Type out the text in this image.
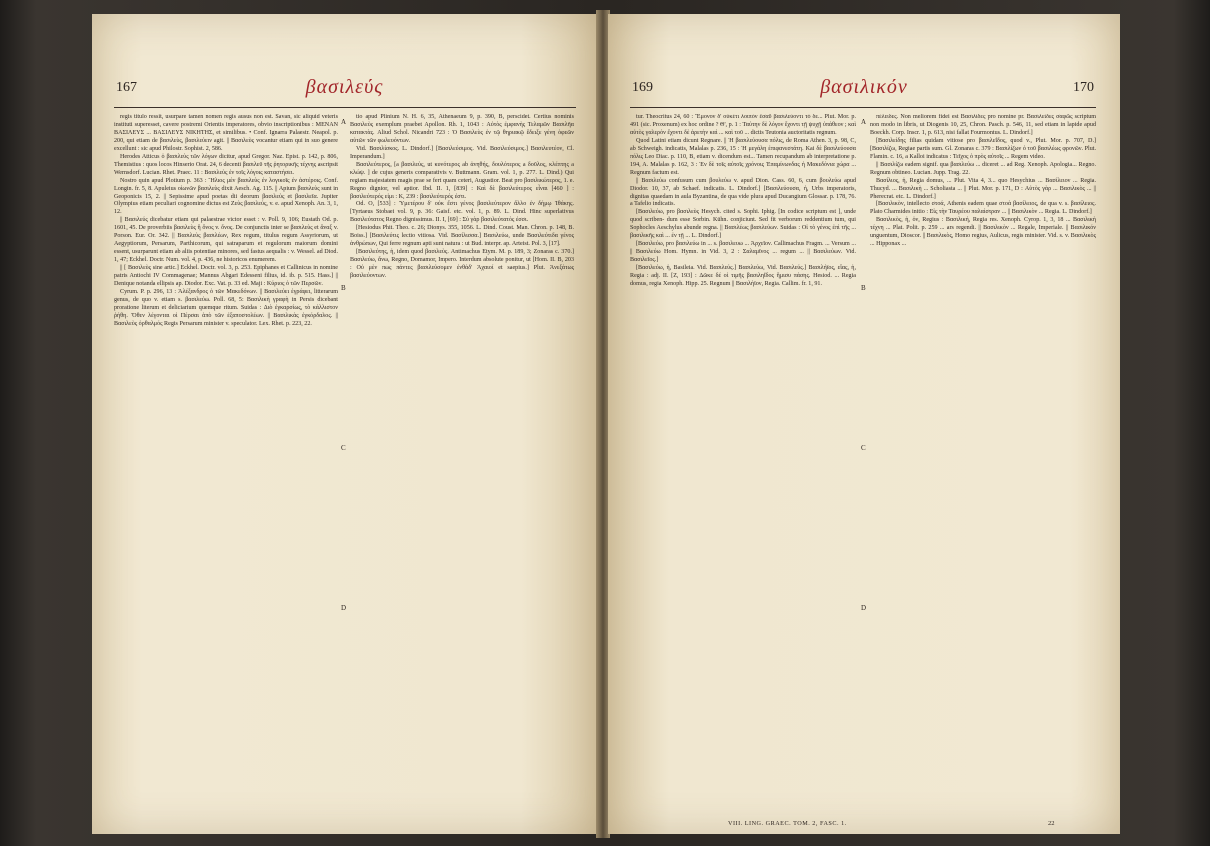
167	βασιλεύς

regis titulo ressit, usurpare tamen nomen regis ausus non est. Savan, sic aliquid veteris instituti superesset, cavere postremi Orientis imperatores, obvio inscriptionibus : ΜΕΝΑΝ ΒΑΣΙΛΕΥΣ ... ΒΑΣΙΛΕΥΣ ΝΙΚΗΤΗΣ, et similibus. • Conf. Ignarra Palaestr. Neapol. p. 200, qui etiam de βασιλεὺς, βασιλεύειν agit. || Βασιλεὺς vocantur etiam qui in suo genere excellunt : sic apud Philostr. Sophist. 2, 586.

Herodes Atticus ὁ βασιλεὺς τῶν λόγων dicitur, apud Gregor. Naz. Epist. p. 142, p. 806, Themistius : quos locos Hinserio Orat. 24, 6 decenti βασιλεῦ τῆς ῥητορικῆς τέχνης ascripsit Wernsdorf. Lucian. Rhet. Praec. 11 : Βασιλεὺς ἐν τοῖς λόγοις καταστήσει.

Nostro quin apud Plotium p. 363 : Ἥλιος μὲν βασιλεὺς ἐν λογικοῖς ἐν ἀστέροις. Conf. Longin. fr. 5, 8. Apuleius οἰωνῶν βασιλεὺς dixit Aesch. Ag. 115. || Apium βασιλεὺς sunt in Geoponicis 15, 2. || Sepissime apud poetas dii deorum βασιλεὺς et βασιλεῖα. Jupiter Olympius etiam peculiari cognomine dictus est Ζεὺς βασιλεύς, v. e. apud Xenoph. An. 3, 1, 12.

|| Βασιλεύς dicebatur etiam qui palaestrae victor esset : v. Poll. 9, 106; Eustath Od. p. 1601, 45. De proverbiis βασιλεὺς ἢ ὄνος v. ὄνος. De conjunctis inter se βασιλεὺς et ἄναξ v. Porson. Eur. Or. 342. || Βασιλεὺς βασιλέων, Rex regum, titulus regum Assyriorum, ut Aegyptiorum, Persarum, Parthicorum, qui satraparum et regulorum maiorum domini essent, usurparunt etiam ab aliis potentiae minores, sed fastus aequalis : v. Wessel. ad Diod. 1, 47; Eckhel. Doctr. Num. vol. 4, p. 436, ne historicos enumerem.

|| [ Βασιλεὺς sine artic.] Eckhel. Doctr. vol. 3, p. 253. Epiphanes et Callinicus in nomine patris Antiochi IV Commagenae; Mannus Abgari Edesseni filius, id. ib. p. 515. Hass.] || Denique notanda ellipsis ap. Diodor. Exc. Vat. p. 33 ed. Maji : Κύριος ὁ τῶν Περσῶν.

Cyrum. P. p. 296, 13 : Ἀλέξανδρος ὁ τῶν Μακεδόνων. || Βασιλεύει ἐγράφει, litterarum genus, de quo v. etiam s. βασιλεύω. Poll. 68, 5: Βασιλικὴ γραφὴ in Persis dicebant proratione literum et deliciarium quemque ritum. Suidas : Διὸ ἐγκαρσίως, τὸ κάλλιστον ῥήθη. Ὅθεν λέγονται οἱ Πέρσαι ἀπὸ τῶν ἐξαποστολέων. || Βασιλικὰς ἐγκόρδαλος. || Βασιλεὺς ὀρθαλμός Regis Persarum minister v. speculator. Lex. Rhet. p. 223, 22.

tio apud Plinium N. H. 6, 35, Athenaeum 9, p. 390, B, perscidet. Certius nominis Βασιλεὺς exemplum praebet Apollon. Rh. 1, 1043 : Αὐτὸς ἐμφανὴς Τελαμῶν Βασιλῆα κατακτὰς. Aliud Schol. Nicandri 723 : Ὁ Βασιλεὺς ἐν τῷ θηριακῷ ἔδειξε γένη ὀφεῶν αὐτῶν τῶν φωλευόντων.

Vid. Βασιλίσκος. L. Dindorf.] [Βασιλεύσιμος. Vid. Βασιλεύσιμος.] Βασιλευτέον, Cl. Imperandum.]

Βασιλεύτερος, [a βασιλεὺς, ut κυνότερος ab ἀνηθής, δουλότερος a δοῦλος, κλέπτης a κλώψ. ] de cujus generis comparativis v. Buttmann. Gram. vol. 1, p. 277. L. Dind.) Qui regiam majestatem magis prae se fert quam ceteri, Augustior. Beat pro βασιλικώτερος, 1. e. Regno dignior, vel aptior. Ibd. II. 1, [839] : Καὶ δὲ βασιλεύτερος εἶναι [460 ] : βασιλεύτερός εἰμι : K, 239 : βασιλεύτερός ἐστι.

Od. O, [533] : Ὑμετέρου δ' οὐκ ἔστι γένος βασιλεύτερον ἄλλο ἐν δήμῳ Ἰθάκης. [Tyrtaeus Stobaei vol. 9, p. 36: Gaisf. etc. vol. 1, p. 89. L. Dind. Hinc superlativus Βασιλεύτατος Regno dignissimus. II. I, [69] : Σὺ γὰρ βασιλεύτατός ἐσσι.

[Hesiodus Phit. Theo. c. 26; Dionys. 355, 1056. L. Dind. Coust. Man. Chron. p. 148, B. Boiss.] [Βασιλεύτις lectio vitiosa. Vid. Βασίλισσα.] Βασιλεύω, unde Βασιλεύτιδα γένος ἀνθρώπων, Qui ferre regnum apti sunt natura : ut Bud. interpr. ap. Arteist. Pol. 3, [17].

[Βασιλεύτης, ἡ, idem quod βασιλεὺς. Antimachus Etym. M. p. 189, 3; Zonaras c. 370.] Βασιλεύω, ἄνω, Regno, Domamor, Impero. Interdum absolute ponitur, ut [Hom. II. B, 203 : Οὐ μὲν πως πάντες βασιλεύσομεν ἐνθάδ' Ἀχαιοί et saepius.] Plut. Ἀνεξάτως βασιλεύοντων.

A
B
C
D
169	βασιλικόν	170

tur. Theocritus 24, 60 : Ἔμονον δ' οὐκέτι λοιπὸν ἔσαῦ βασιλεύοντι τὸ δε... Plut. Mor. p. 491 (sic. Proxenum) ex hoc ordine ? Θ', p. 1 : Ταύτην δὲ λόγον ἔχοντι τῇ ψυχῇ ὑπάθεον ; καὶ αὐτὸς γαλερὸν ἔχοντι δὲ ἀρετὴν καὶ ... καὶ τοῦ ... dictis Teutonia auctoritatis regnum.

Quod Latini etiam dicunt Regnare. || Ἡ βασιλεύουσα πόλις, de Roma Athen. 3, p. 98, C, ab Schweigh. indicatis, Malalas p. 236, 15 : Ἡ μεγάλη ἐπιφανεστάτη. Kai δὲ βασιλεύουσα πόλις Leo Diac. p. 110, B, etiam v. dicendum est... Tamen recupandum ab interpretatione p. 194, A. Malalas p. 162, 3 : Ἐν δὲ τοῖς αὐτοῖς χρόνοις Ἐπαμίνωνδας ἡ Μακεδόνια χώρα ... Regnum factum est.

|| Βασιλεύω confusum cum βουλεύω v. apud Dion. Cass. 60, 6, cum βουλεύω apud Diodor. 10, 37, ab Schaef. indicatis. L. Dindorf.] [Βασιλεύουσα, ἡ, Urbs imperatoris, dignitas quaedam in aula Byzantina, de qua vide plura apud Ducangium Glossar. p. 178, 76. a Tafelio indicatis.

[Βασιλεύω, pro βασιλεὺς Hesych. cited s. Sophi. Iphig. [In codice scriptum est ], unde quod scriben- dum esse Sorbin. Kühn. conjiciunt. Sed fit verborum reddentium tum, qui Sophocles Aeschylus abunde regna. || Βασιλέως βασιλεύων. Suidas : Οἱ τὸ γένος ἐπὶ τῆς ... βασιλικῆς καὶ ... ἐν τῇ ... L. Dindorf.]

[Βασιλεύω, pro βασιλεύω in ... s. βασιλευω ... Ἀρχεῖον. Callimachus Fragm. ... Versum ... || Βασιλεύω Hom. Hymn. in Vid. 3, 2 : Σαλαμῖνος ... regum ... || Βασιλεύων. Vid. Βασιλεῖος.]

[Βασιλεύω, ἡ, Basileia. Vid. Βασιλεύς.] Βασιλεύω, Vid. Βασιλεύς.] Βασιλήϊος, εἴας, ἡ, Regia : adj. II. [Z, 193] : Δῶκε δέ οἱ τιμῆς βασιληΐδος ἥμισυ πάσης. Hesiod. ... Regia domus, regia Xenoph. Hipp. 25. Regnum || Βασιλήϊον, Regia. Callim. fr. 1, 91.

πέλειδες. Non meliorem fidei est Βασιλίδες pro nomine pr. Βασιλείδες σαφῶς scriptum non modo in libris, ut Diogenis 10, 25, Chron. Pasch. p. 546, 11, sed etiam in lapide apud Boeckh. Corp. Inscr. 1, p. 613, nisi fallat Fourmontus. L. Dindorf.]

[Βασιλείδης filias quidam vitiose pro βασιλεΐδος, quod v., Plut. Mor. p. 707, D.] [Βασιλίζω, Regiae partis sum. Gl. Zonaras c. 379 : Βασιλίζων ὁ τοῦ βασιλέως φρονῶν. Plut. Flamin. c. 16, a Kalloi indicatus : Τεῖχος ὁ πρὸς αὐτοῖς ... Regem video.

|| Βασιλίζω eadem signif. qua βασιλεύω ... diceret ... ad Reg. Xenoph. Apologia... Regno. Regnum obtineo. Lucian. Jupp. Trag. 22.

Βασίλιος, ἡ, Regia domus, ... Plut. Vita 4, 3... quo Hesychius ... Βασίλειον ... Regia. Thucyd. ... Βασιλικὴ ... Scholiasta ... || Plut. Mor. p. 171, D : Αὐτὸς γὰρ ... Βασιλικὸς ... || Pherecrat. etc. L. Dindorf.]

[Βασιλικὸν, intellecto στοά, Athenis eadem quae στοὰ βασίλειος, de qua v. s. βασίλειος. Plato Charmides initio : Εἰς τὴν Ταυρέου παλαίστραν ... || Βασιλικὸν ... Regia. L. Dindorf.]

Βασιλικὸς, ἡ, ὁν, Regius : Βασιλική, Regia res. Xenoph. Cyrop. 1, 3, 18 ... Βασιλικὴ τέχνη ... Plat. Polit. p. 259 ... ars regendi. || Βασιλικὸν ... Regale, Imperiale. || Βασιλικόν unguentum, Dioscor. || Βασιλικὸς, Homo regius, Aulicus, regis minister. Vid. s. v. Βασιλικὸς ... Hipponax ...

A
B
C
D
VIII. LING. GRAEC. TOM. 2, FASC. 1.	22
